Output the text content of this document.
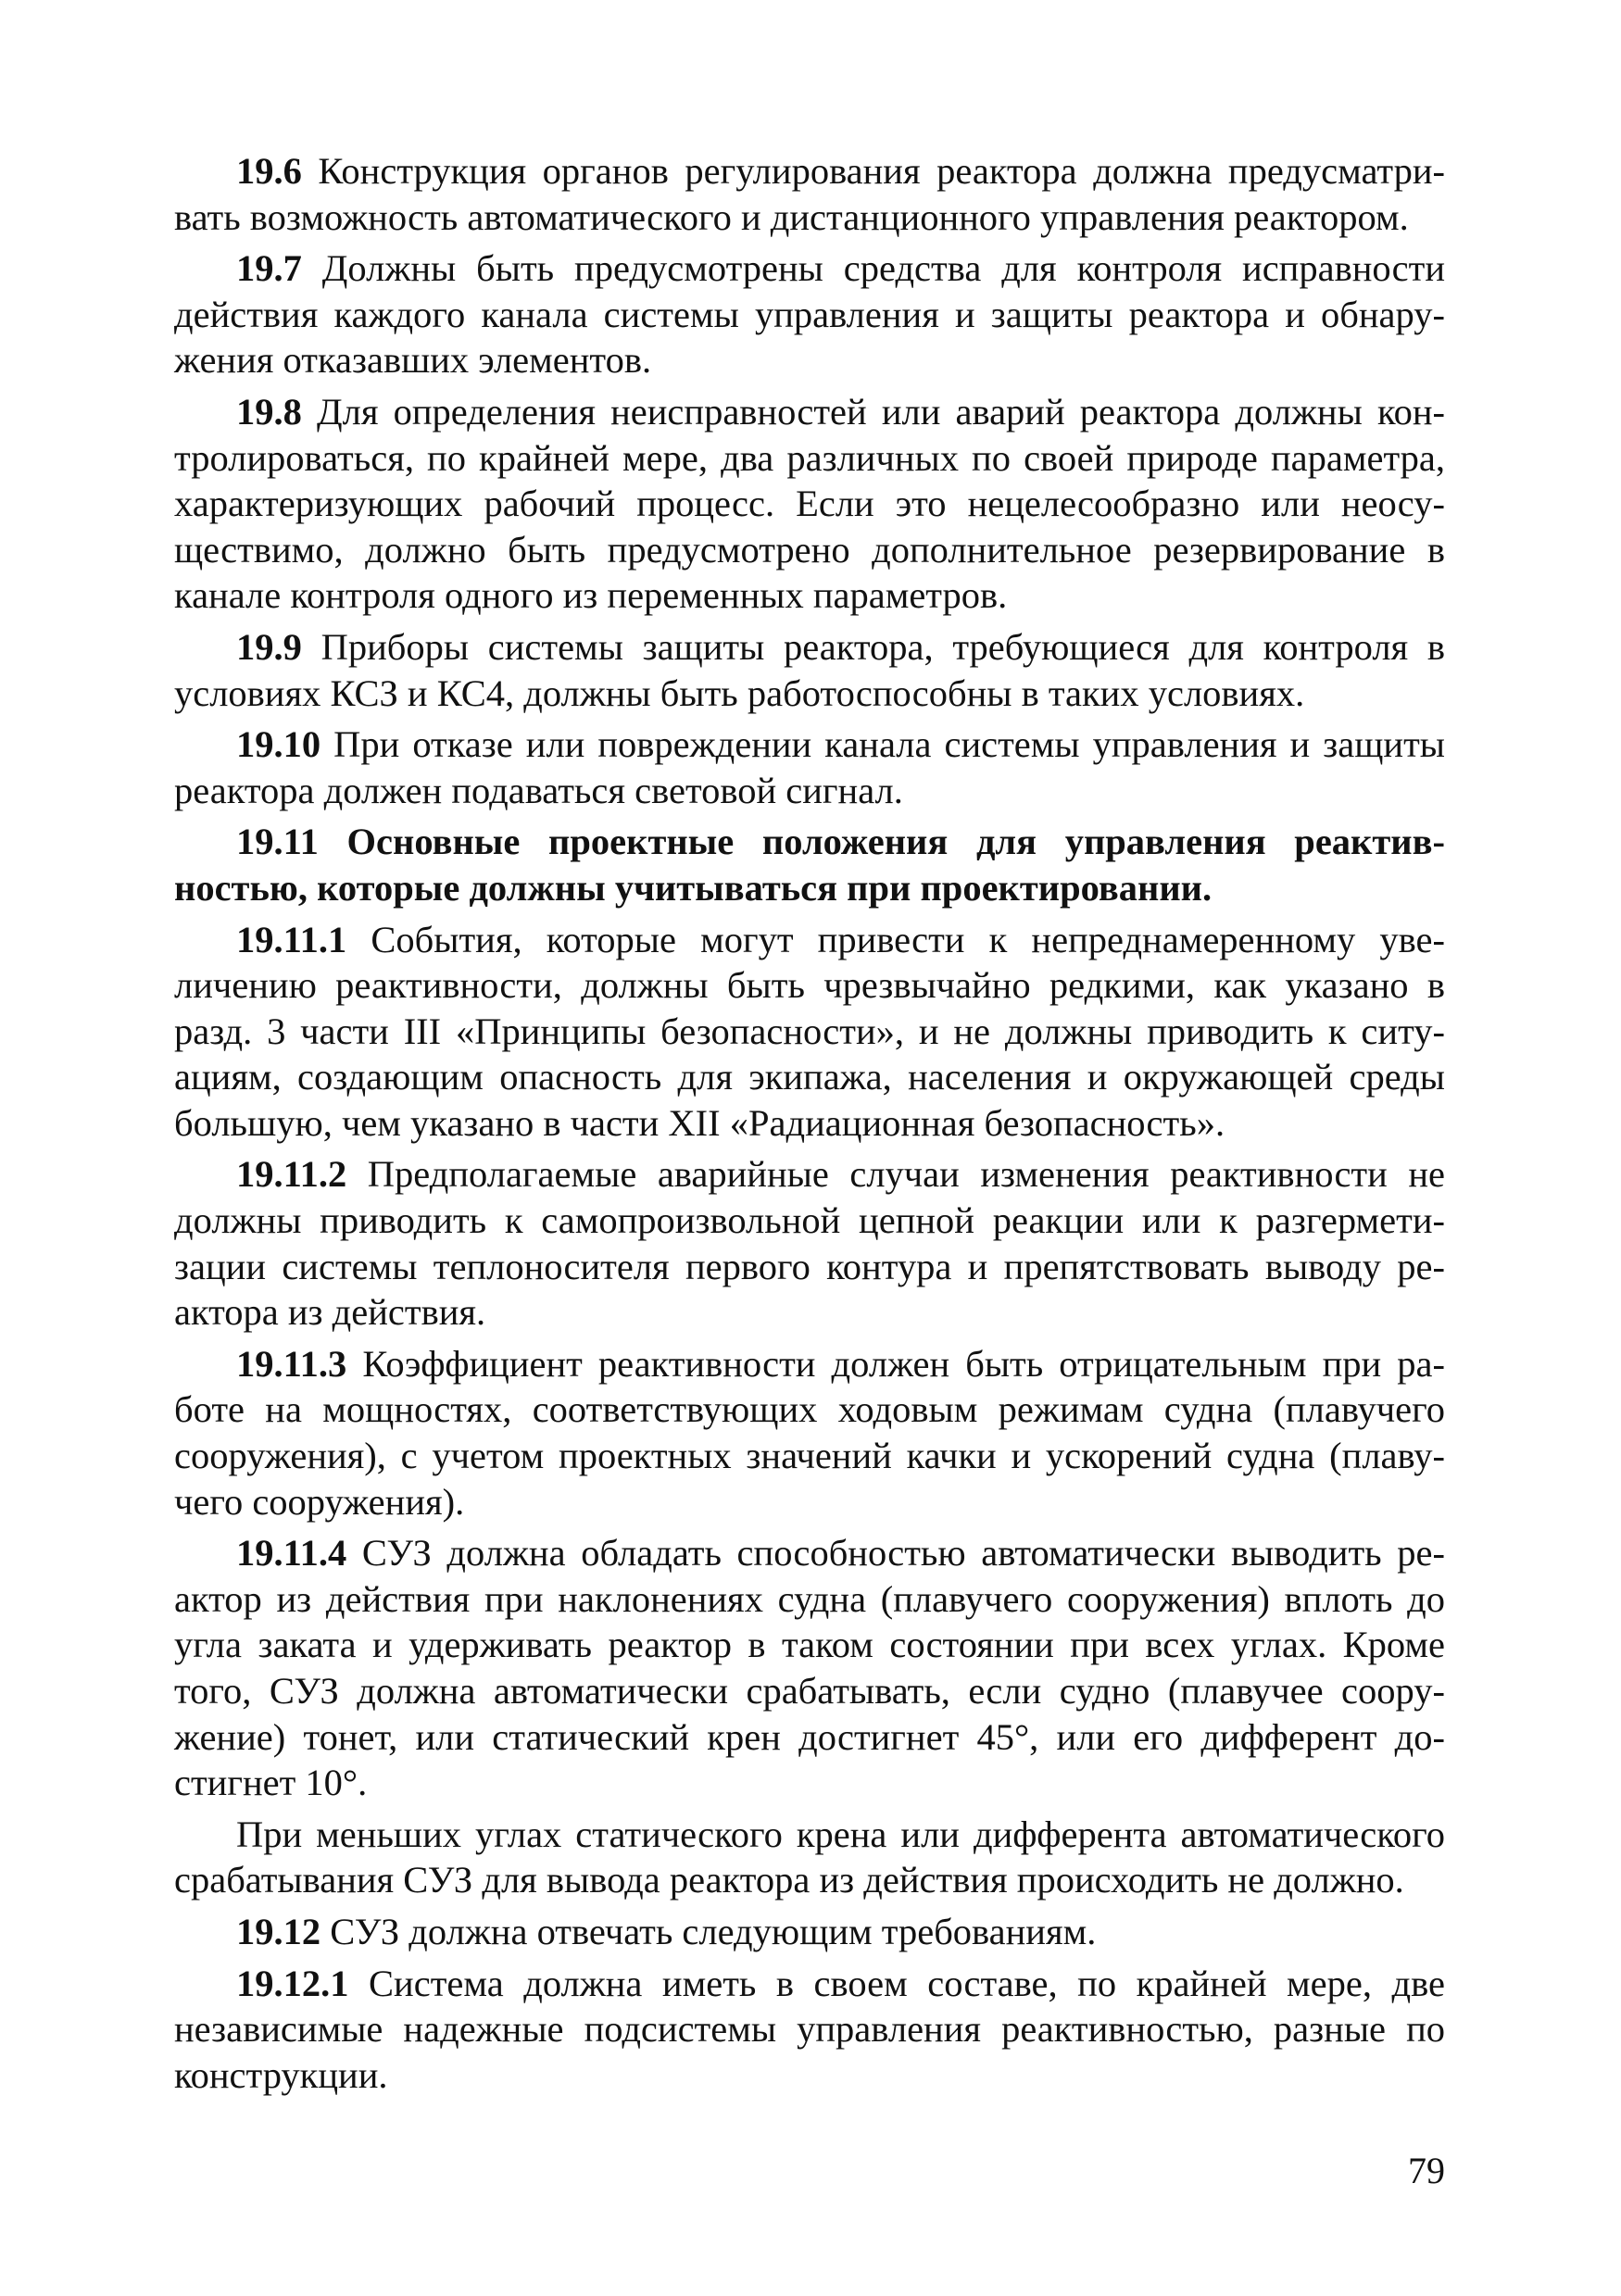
19.6 Конструкция органов регулирования реактора должна предусматривать возможность автоматического и дистанционного управления реактором.

19.7 Должны быть предусмотрены средства для контроля исправности действия каждого канала системы управления и защиты реактора и обнаружения отказавших элементов.

19.8 Для определения неисправностей или аварий реактора должны контролироваться, по крайней мере, два различных по своей природе параметра, характеризующих рабочий процесс. Если это нецелесообразно или неосуществимо, должно быть предусмотрено дополнительное резервирование в канале контроля одного из переменных параметров.

19.9 Приборы системы защиты реактора, требующиеся для контроля в условиях КСЗ и КС4, должны быть работоспособны в таких условиях.

19.10 При отказе или повреждении канала системы управления и защиты реактора должен подаваться световой сигнал.

19.11 Основные проектные положения для управления реактивностью, которые должны учитываться при проектировании.

19.11.1 События, которые могут привести к непреднамеренному увеличению реактивности, должны быть чрезвычайно редкими, как указано в разд. 3 части III «Принципы безопасности», и не должны приводить к ситуациям, создающим опасность для экипажа, населения и окружающей среды большую, чем указано в части XII «Радиационная безопасность».

19.11.2 Предполагаемые аварийные случаи изменения реактивности не должны приводить к самопроизвольной цепной реакции или к разгерметизации системы теплоносителя первого контура и препятствовать выводу реактора из действия.

19.11.3 Коэффициент реактивности должен быть отрицательным при работе на мощностях, соответствующих ходовым режимам судна (плавучего сооружения), с учетом проектных значений качки и ускорений судна (плавучего сооружения).

19.11.4 СУЗ должна обладать способностью автоматически выводить реактор из действия при наклонениях судна (плавучего сооружения) вплоть до угла заката и удерживать реактор в таком состоянии при всех углах. Кроме того, СУЗ должна автоматически срабатывать, если судно (плавучее сооружение) тонет, или статический крен достигнет 45°, или его дифферент достигнет 10°.

При меньших углах статического крена или дифферента автоматического срабатывания СУЗ для вывода реактора из действия происходить не должно.

19.12 СУЗ должна отвечать следующим требованиям.

19.12.1 Система должна иметь в своем составе, по крайней мере, две независимые надежные подсистемы управления реактивностью, разные по конструкции.

79
